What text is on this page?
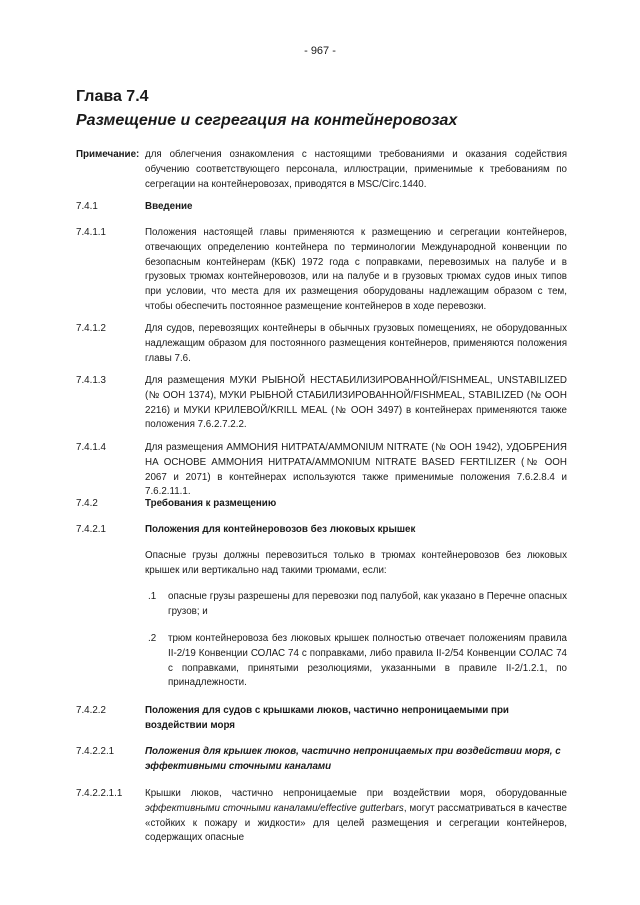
- 967 -
Глава 7.4
Размещение и сегрегация на контейнеровозах
Примечание: для облегчения ознакомления с настоящими требованиями и оказания содействия обучению соответствующего персонала, иллюстрации, применимые к требованиям по сегрегации на контейнеровозах, приводятся в MSC/Circ.1440.
7.4.1	Введение
7.4.1.1	Положения настоящей главы применяются к размещению и сегрегации контейнеров, отвечающих определению контейнера по терминологии Международной конвенции по безопасным контейнерам (КБК) 1972 года с поправками, перевозимых на палубе и в грузовых трюмах контейнеровозов, или на палубе и в грузовых трюмах судов иных типов при условии, что места для их размещения оборудованы надлежащим образом с тем, чтобы обеспечить постоянное размещение контейнеров в ходе перевозки.
7.4.1.2	Для судов, перевозящих контейнеры в обычных грузовых помещениях, не оборудованных надлежащим образом для постоянного размещения контейнеров, применяются положения главы 7.6.
7.4.1.3	Для размещения МУКИ РЫБНОЙ НЕСТАБИЛИЗИРОВАННОЙ/FISHMEAL, UNSTABILIZED (№ ООН 1374), МУКИ РЫБНОЙ СТАБИЛИЗИРОВАННОЙ/FISHMEAL, STABILIZED (№ ООН 2216) и МУКИ КРИЛЕВОЙ/KRILL MEAL (№ ООН 3497) в контейнерах применяются также положения 7.6.2.7.2.2.
7.4.1.4	Для размещения АММОНИЯ НИТРАТА/AMMONIUM NITRATE (№ ООН 1942), УДОБРЕНИЯ НА ОСНОВЕ АММОНИЯ НИТРАТА/AMMONIUM NITRATE BASED FERTILIZER (№ ООН 2067 и 2071) в контейнерах используются также применимые положения 7.6.2.8.4 и 7.6.2.11.1.
7.4.2	Требования к размещению
7.4.2.1	Положения для контейнеровозов без люковых крышек
Опасные грузы должны перевозиться только в трюмах контейнеровозов без люковых крышек или вертикально над такими трюмами, если:
.1 опасные грузы разрешены для перевозки под палубой, как указано в Перечне опасных грузов; и
.2 трюм контейнеровоза без люковых крышек полностью отвечает положениям правила II-2/19 Конвенции СОЛАС 74 с поправками, либо правила II-2/54 Конвенции СОЛАС 74 с поправками, принятыми резолюциями, указанными в правиле II-2/1.2.1, по принадлежности.
7.4.2.2	Положения для судов с крышками люков, частично непроницаемыми при воздействии моря
7.4.2.2.1	Положения для крышек люков, частично непроницаемых при воздействии моря, с эффективными сточными каналами
7.4.2.2.1.1 Крышки люков, частично непроницаемые при воздействии моря, оборудованные эффективными сточными каналами/effective gutterbars, могут рассматриваться в качестве «стойких к пожару и жидкости» для целей размещения и сегрегации контейнеров, содержащих опасные
